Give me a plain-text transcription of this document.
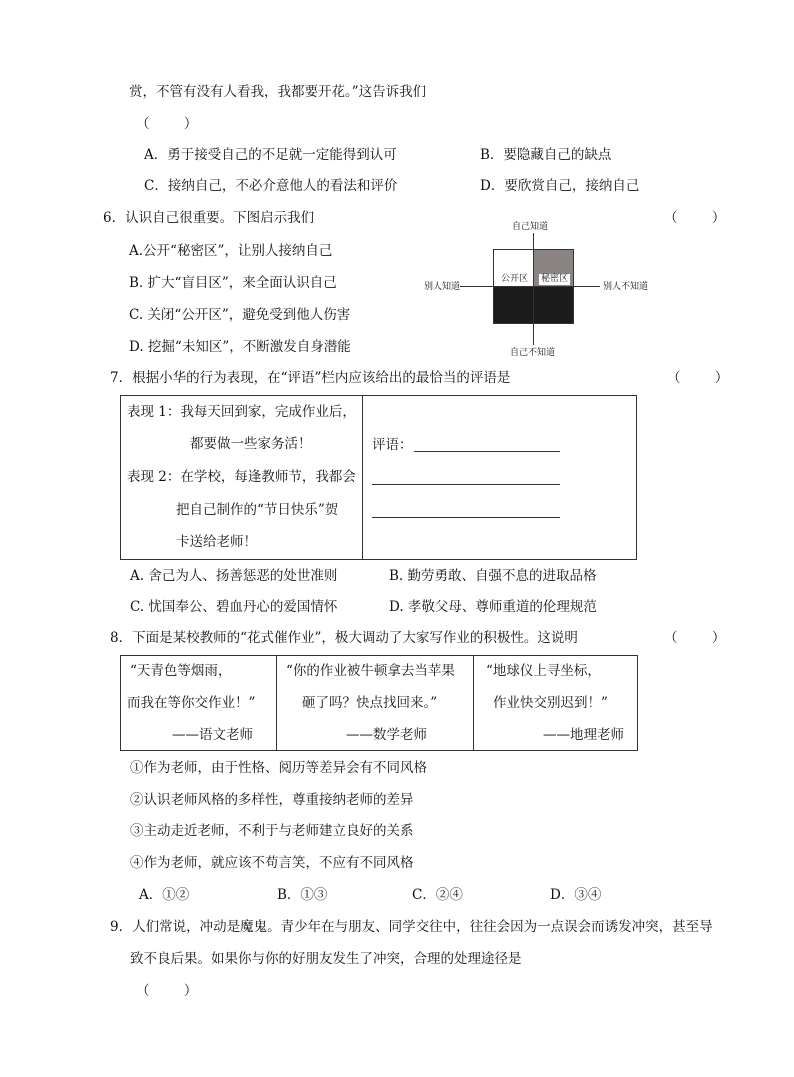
赏，不管有没有人看我，我都要开花。”这告诉我们
（        ）
A．勇于接受自己的不足就一定能得到认可	B．要隐藏自己的缺点
C．接纳自己，不必介意他人的看法和评价	D．要欣赏自己，接纳自己
6．认识自己很重要。下图启示我们	（        ）
A.公开“秘密区”，让别人接纳自己
B. 扩大“盲目区”，来全面认识自己
C. 关闭“公开区”，避免受到他人伤害
D. 挖掘“未知区”，不断激发自身潜能
公开区 秘密区
自己知道
自己不知道
别人知道	别人不知道
7．根据小华的行为表现，在“评语”栏内应该给出的最恰当的评语是	（        ）
表现 1：我每天回到家，完成作业后，
都要做一些家务活！
表现 2：在学校，每逢教师节，我都会
把自己制作的“节日快乐”贺
卡送给老师！
评语：
A. 舍己为人、扬善惩恶的处世准则	B. 勤劳勇敢、自强不息的进取品格
C. 忧国奉公、碧血丹心的爱国情怀	D. 孝敬父母、尊师重道的伦理规范
8．下面是某校教师的“花式催作业”，极大调动了大家写作业的积极性。这说明	（        ）
“天青色等烟雨，
而我在等你交作业！”
——语文老师
“你的作业被牛顿拿去当苹果
砸了吗？快点找回来。”
——数学老师
“地球仪上寻坐标，
作业快交别迟到！”
——地理老师
①作为老师，由于性格、阅历等差异会有不同风格
②认识老师风格的多样性，尊重接纳老师的差异
③主动走近老师，不利于与老师建立良好的关系
④作为老师，就应该不苟言笑，不应有不同风格
A．①②	B．①③	C．②④	D．③④
9．人们常说，冲动是魔鬼。青少年在与朋友、同学交往中，往往会因为一点误会而诱发冲突，甚至导
致不良后果。如果你与你的好朋友发生了冲突，合理的处理途径是
（        ）
